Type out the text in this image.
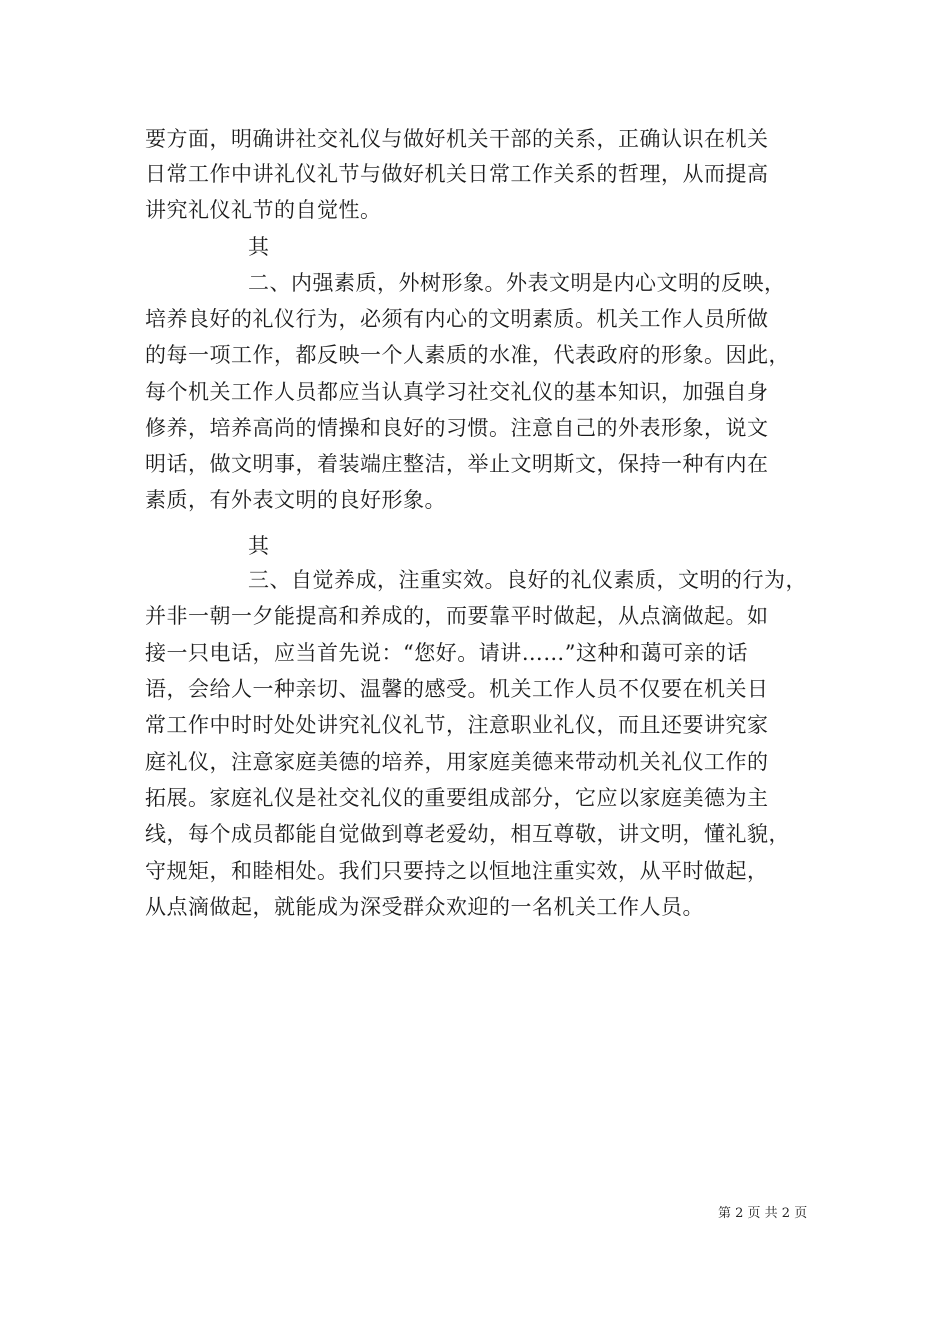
要方面，明确讲社交礼仪与做好机关干部的关系，正确认识在机关
日常工作中讲礼仪礼节与做好机关日常工作关系的哲理，从而提高
讲究礼仪礼节的自觉性。
其
二、内强素质，外树形象。外表文明是内心文明的反映，
培养良好的礼仪行为，必须有内心的文明素质。机关工作人员所做
的每一项工作，都反映一个人素质的水准，代表政府的形象。因此，
每个机关工作人员都应当认真学习社交礼仪的基本知识，加强自身
修养，培养高尚的情操和良好的习惯。注意自己的外表形象，说文
明话，做文明事，着装端庄整洁，举止文明斯文，保持一种有内在
素质，有外表文明的良好形象。
其
三、自觉养成，注重实效。良好的礼仪素质，文明的行为，
并非一朝一夕能提高和养成的，而要靠平时做起，从点滴做起。如
接一只电话，应当首先说：“您好。请讲……”这种和蔼可亲的话
语，会给人一种亲切、温馨的感受。机关工作人员不仅要在机关日
常工作中时时处处讲究礼仪礼节，注意职业礼仪，而且还要讲究家
庭礼仪，注意家庭美德的培养，用家庭美德来带动机关礼仪工作的
拓展。家庭礼仪是社交礼仪的重要组成部分，它应以家庭美德为主
线，每个成员都能自觉做到尊老爱幼，相互尊敬，讲文明，懂礼貌，
守规矩，和睦相处。我们只要持之以恒地注重实效，从平时做起，
从点滴做起，就能成为深受群众欢迎的一名机关工作人员。
第 2 页 共 2 页
